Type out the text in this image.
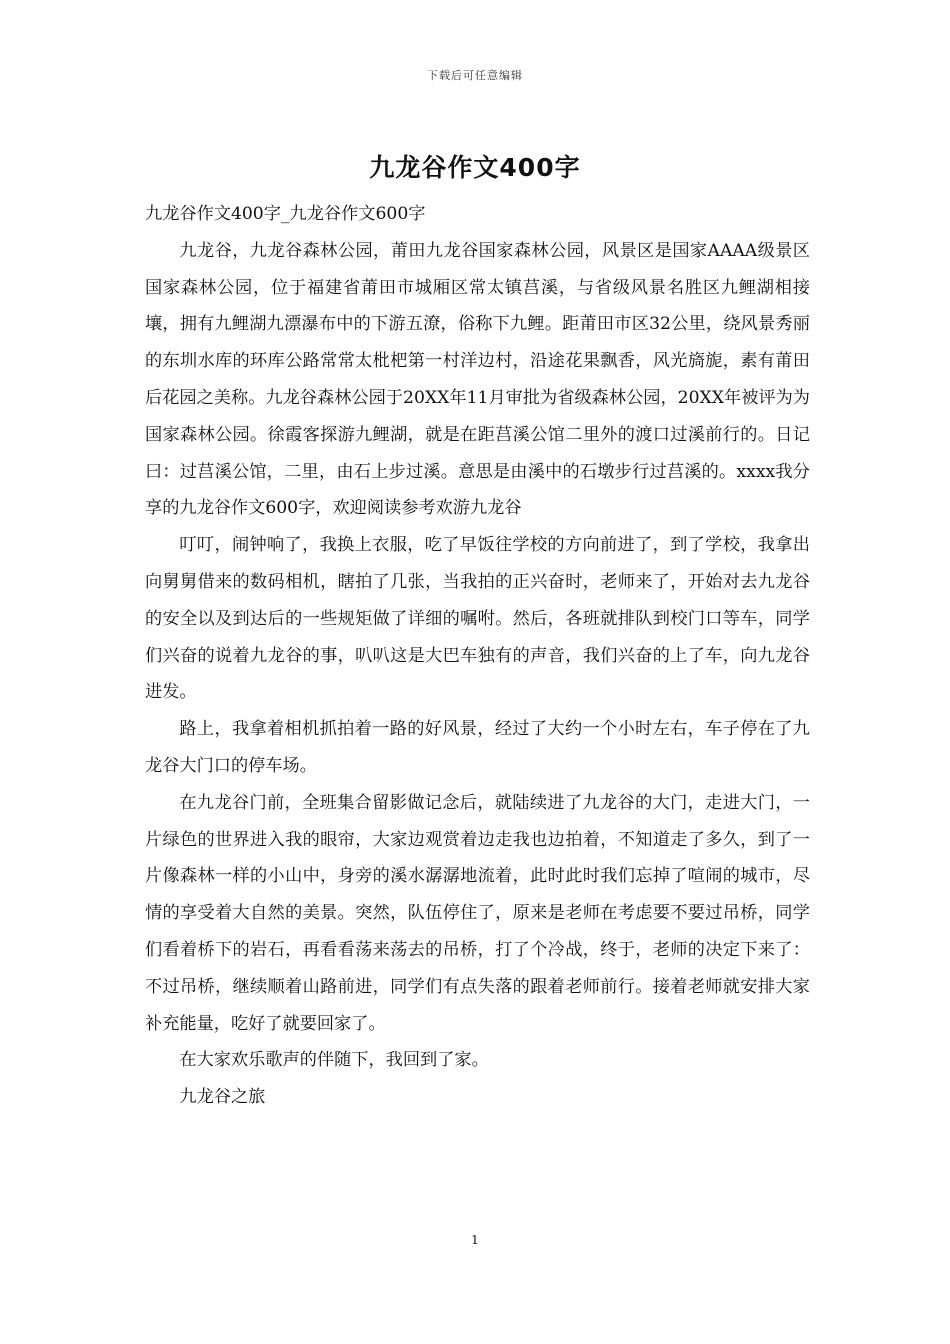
下载后可任意编辑
九龙谷作文400字

九龙谷作文400字_九龙谷作文600字

九龙谷，九龙谷森林公园，莆田九龙谷国家森林公园，风景区是国家AAAA级景区国家森林公园，位于福建省莆田市城厢区常太镇莒溪，与省级风景名胜区九鲤湖相接壤，拥有九鲤湖九漂瀑布中的下游五潦，俗称下九鲤。距莆田市区32公里，绕风景秀丽的东圳水库的环库公路常常太枇杷第一村洋边村，沿途花果飘香，风光旖旎，素有莆田后花园之美称。九龙谷森林公园于20XX年11月审批为省级森林公园，20XX年被评为为国家森林公园。徐霞客探游九鲤湖，就是在距莒溪公馆二里外的渡口过溪前行的。日记曰：过莒溪公馆，二里，由石上步过溪。意思是由溪中的石墩步行过莒溪的。xxxx我分享的九龙谷作文600字，欢迎阅读参考欢游九龙谷

叮叮，闹钟响了，我换上衣服，吃了早饭往学校的方向前进了，到了学校，我拿出向舅舅借来的数码相机，瞎拍了几张，当我拍的正兴奋时，老师来了，开始对去九龙谷的安全以及到达后的一些规矩做了详细的嘱咐。然后，各班就排队到校门口等车，同学们兴奋的说着九龙谷的事，叭叭这是大巴车独有的声音，我们兴奋的上了车，向九龙谷进发。

路上，我拿着相机抓拍着一路的好风景，经过了大约一个小时左右，车子停在了九龙谷大门口的停车场。

在九龙谷门前，全班集合留影做记念后，就陆续进了九龙谷的大门，走进大门，一片绿色的世界进入我的眼帘，大家边观赏着边走我也边拍着，不知道走了多久，到了一片像森林一样的小山中，身旁的溪水潺潺地流着，此时此时我们忘掉了喧闹的城市，尽情的享受着大自然的美景。突然，队伍停住了，原来是老师在考虑要不要过吊桥，同学们看着桥下的岩石，再看看荡来荡去的吊桥，打了个冷战，终于，老师的决定下来了：不过吊桥，继续顺着山路前进，同学们有点失落的跟着老师前行。接着老师就安排大家补充能量，吃好了就要回家了。

在大家欢乐歌声的伴随下，我回到了家。

九龙谷之旅

1
